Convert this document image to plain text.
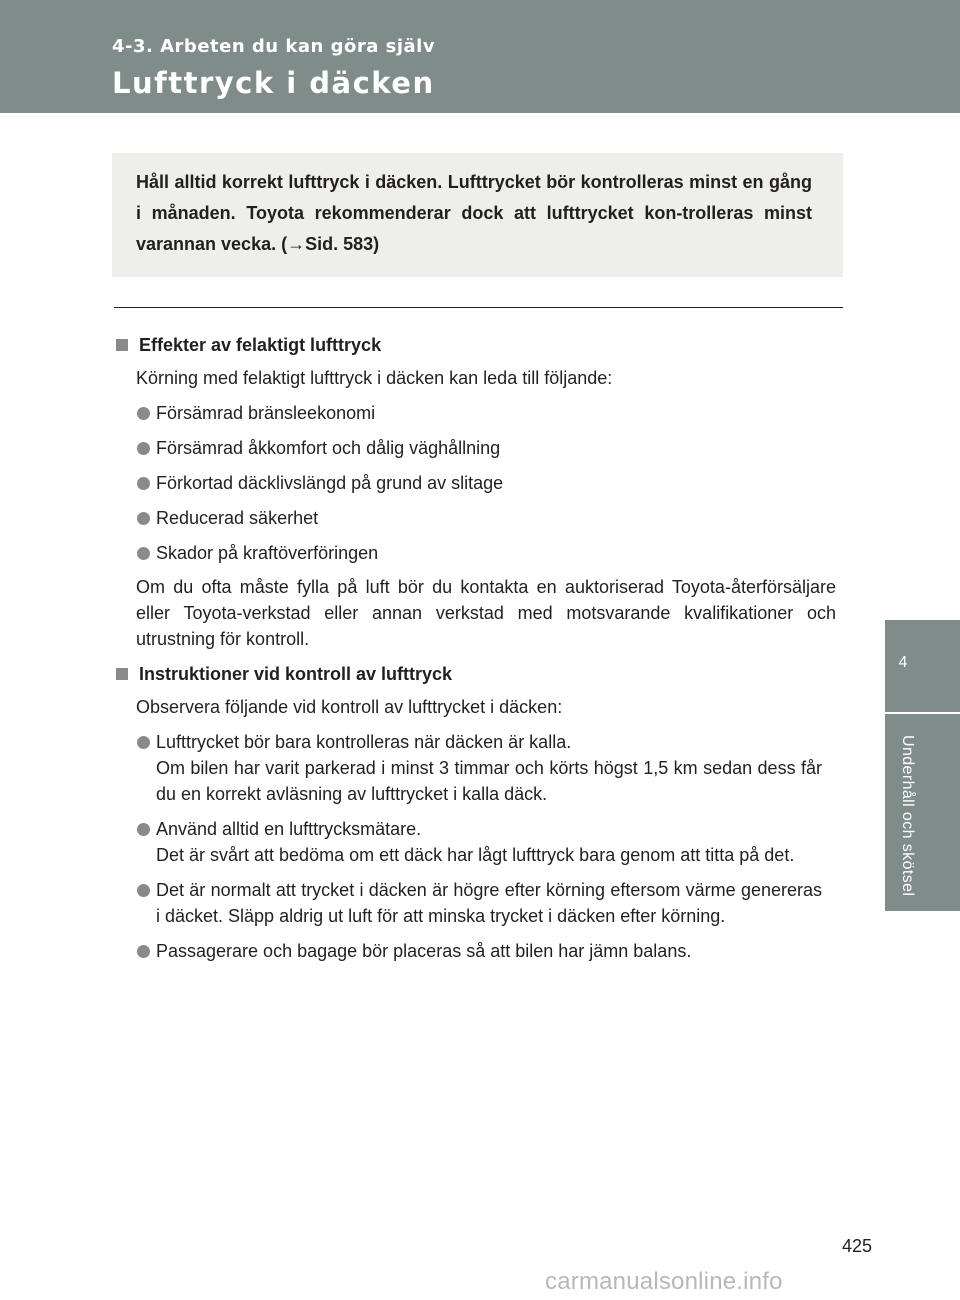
4-3. Arbeten du kan göra själv
Lufttryck i däcken

Håll alltid korrekt lufttryck i däcken. Lufttrycket bör kontrolleras minst en gång i månaden. Toyota rekommenderar dock att lufttrycket kon-trolleras minst varannan vecka. (→Sid. 583)

Effekter av felaktigt lufttryck
Körning med felaktigt lufttryck i däcken kan leda till följande:
Försämrad bränsleekonomi
Försämrad åkkomfort och dålig väghållning
Förkortad däcklivslängd på grund av slitage
Reducerad säkerhet
Skador på kraftöverföringen
Om du ofta måste fylla på luft bör du kontakta en auktoriserad Toyota-återförsäljare eller Toyota-verkstad eller annan verkstad med motsvarande kvalifikationer och utrustning för kontroll.
Instruktioner vid kontroll av lufttryck
Observera följande vid kontroll av lufttrycket i däcken:
Lufttrycket bör bara kontrolleras när däcken är kalla.
Om bilen har varit parkerad i minst 3 timmar och körts högst 1,5 km sedan dess får du en korrekt avläsning av lufttrycket i kalla däck.
Använd alltid en lufttrycksmätare.
Det är svårt att bedöma om ett däck har lågt lufttryck bara genom att titta på det.
Det är normalt att trycket i däcken är högre efter körning eftersom värme genereras i däcket. Släpp aldrig ut luft för att minska trycket i däcken efter körning.
Passagerare och bagage bör placeras så att bilen har jämn balans.
4
Underhåll och skötsel
425
carmanualsonline.info
